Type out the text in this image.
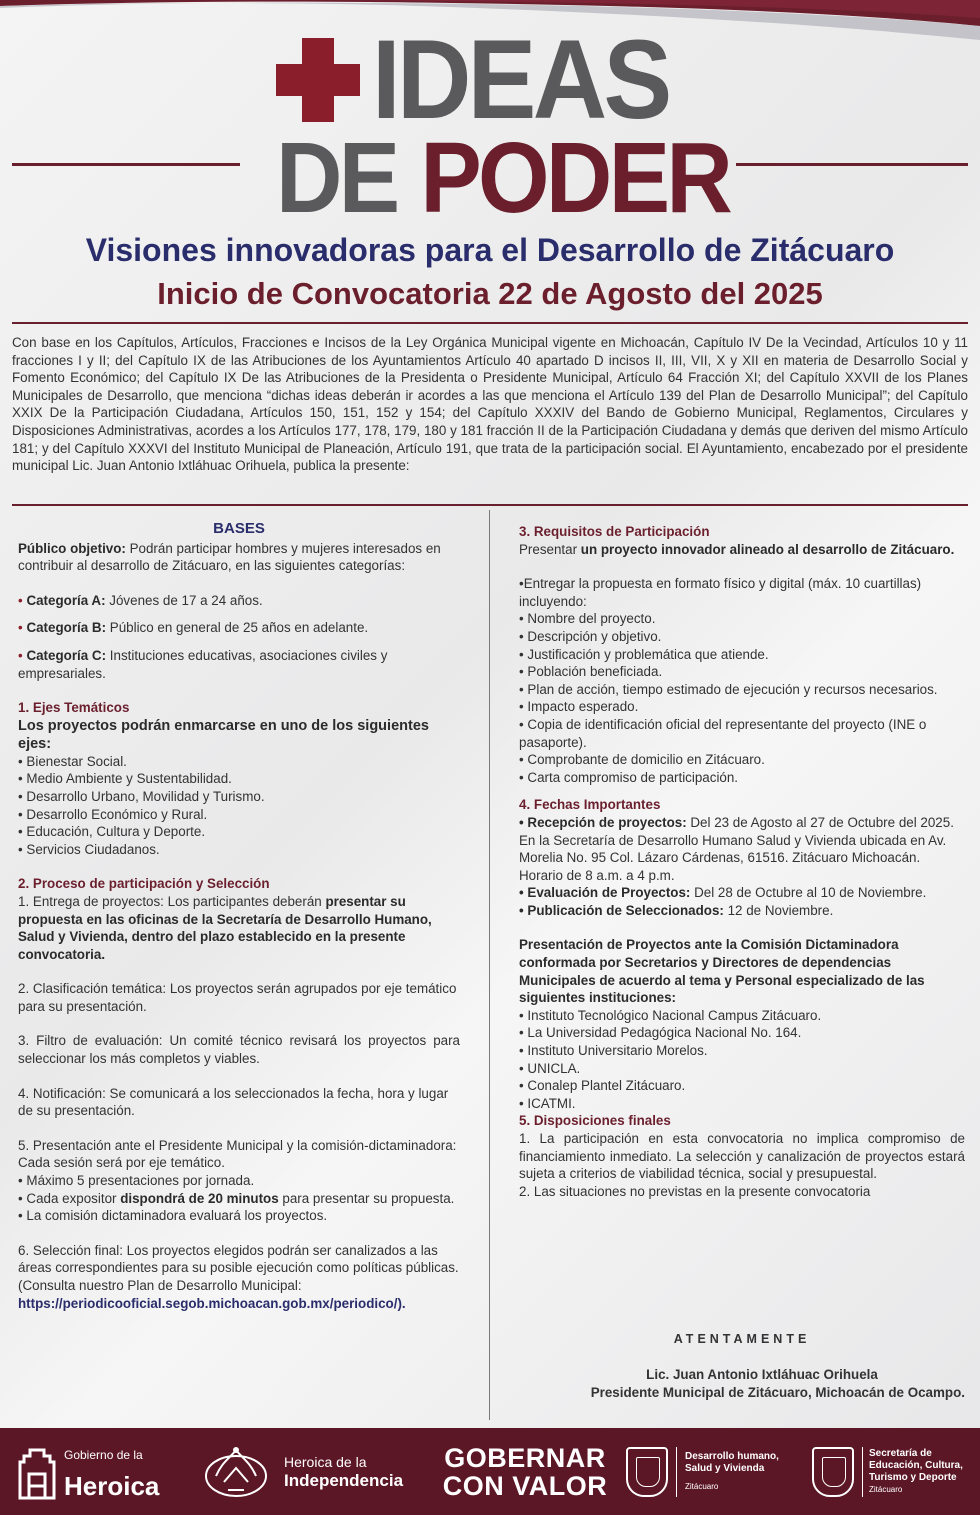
IDEAS
DE PODER
Visiones innovadoras para el Desarrollo de Zitácuaro
Inicio de Convocatoria 22 de Agosto del 2025
Con base en los Capítulos, Artículos, Fracciones e Incisos de la Ley Orgánica Municipal vigente en Michoacán, Capítulo IV De la Vecindad, Artículos 10 y 11 fracciones I y II; del Capítulo IX de las Atribuciones de los Ayuntamientos Artículo 40 apartado D incisos II, III, VII, X y XII en materia de Desarrollo Social y Fomento Económico; del Capítulo IX De las Atribuciones de la Presidenta o Presidente Municipal, Artículo 64 Fracción XI; del Capítulo XXVII de los Planes Municipales de Desarrollo, que menciona “dichas ideas deberán ir acordes a las que menciona el Artículo 139 del Plan de Desarrollo Municipal”; del Capítulo XXIX De la Participación Ciudadana, Artículos 150, 151, 152 y 154; del Capítulo XXXIV del Bando de Gobierno Municipal, Reglamentos, Circulares y Disposiciones Administrativas, acordes a los Artículos 177, 178, 179, 180 y 181 fracción II de la Participación Ciudadana y demás que deriven del mismo Artículo 181; y del Capítulo XXXVI del Instituto Municipal de Planeación, Artículo 191, que trata de la participación social. El Ayuntamiento, encabezado por el presidente municipal Lic. Juan Antonio Ixtláhuac Orihuela, publica la presente:
BASES
Público objetivo: Podrán participar hombres y mujeres interesados en contribuir al desarrollo de Zitácuaro, en las siguientes categorías:
• Categoría A: Jóvenes de 17 a 24 años.
• Categoría B: Público en general de 25 años en adelante.
• Categoría C: Instituciones educativas, asociaciones civiles y empresariales.
1. Ejes Temáticos
Los proyectos podrán enmarcarse en uno de los siguientes ejes:
• Bienestar Social.
• Medio Ambiente y Sustentabilidad.
• Desarrollo Urbano, Movilidad y Turismo.
• Desarrollo Económico y Rural.
• Educación, Cultura y Deporte.
• Servicios Ciudadanos.
2. Proceso de participación y Selección
1. Entrega de proyectos: Los participantes deberán presentar su propuesta en las oficinas de la Secretaría de Desarrollo Humano, Salud y Vivienda, dentro del plazo establecido en la presente convocatoria.
2. Clasificación temática: Los proyectos serán agrupados por eje temático para su presentación.
3. Filtro de evaluación: Un comité técnico revisará los proyectos para seleccionar los más completos y viables.
4. Notificación: Se comunicará a los seleccionados la fecha, hora y lugar de su presentación.
5. Presentación ante el Presidente Municipal y la comisión-dictaminadora:
Cada sesión será por eje temático.
• Máximo 5 presentaciones por jornada.
• Cada expositor dispondrá de 20 minutos para presentar su propuesta.
• La comisión dictaminadora evaluará los proyectos.
6. Selección final: Los proyectos elegidos podrán ser canalizados a las áreas correspondientes para su posible ejecución como políticas públicas.
(Consulta nuestro Plan de Desarrollo Municipal:
https://periodicooficial.segob.michoacan.gob.mx/periodico/).
3. Requisitos de Participación
Presentar un proyecto innovador alineado al desarrollo de Zitácuaro.
•Entregar la propuesta en formato físico y digital (máx. 10 cuartillas) incluyendo:
• Nombre del proyecto.
• Descripción y objetivo.
• Justificación y problemática que atiende.
• Población beneficiada.
• Plan de acción, tiempo estimado de ejecución y recursos necesarios.
• Impacto esperado.
• Copia de identificación oficial del representante del proyecto (INE o pasaporte).
• Comprobante de domicilio en Zitácuaro.
• Carta compromiso de participación.
4. Fechas Importantes
• Recepción de proyectos: Del 23 de Agosto al 27 de Octubre del 2025. En la Secretaría de Desarrollo Humano Salud y Vivienda ubicada en Av. Morelia No. 95 Col. Lázaro Cárdenas, 61516. Zitácuaro Michoacán. Horario de 8 a.m. a 4 p.m.
• Evaluación de Proyectos: Del 28 de Octubre al 10 de Noviembre.
• Publicación de Seleccionados: 12 de Noviembre.
Presentación de Proyectos ante la Comisión Dictaminadora conformada por Secretarios y Directores de dependencias Municipales de acuerdo al tema y Personal especializado de las siguientes instituciones:
• Instituto Tecnológico Nacional Campus Zitácuaro.
• La Universidad Pedagógica Nacional No. 164.
• Instituto Universitario Morelos.
• UNICLA.
• Conalep Plantel Zitácuaro.
• ICATMI.
5. Disposiciones finales
1. La participación en esta convocatoria no implica compromiso de financiamiento inmediato. La selección y canalización de proyectos estará sujeta a criterios de viabilidad técnica, social y presupuestal.
2. Las situaciones no previstas en la presente convocatoria
ATENTAMENTE
Lic. Juan Antonio Ixtláhuac Orihuela
Presidente Municipal de Zitácuaro, Michoacán de Ocampo.
Gobierno de la
Heroica
Heroica de la
Independencia
GOBERNAR
CON VALOR
Desarrollo humano,
Salud y Vivienda
Zitácuaro
Secretaría de
Educación, Cultura,
Turismo y Deporte
Zitácuaro
